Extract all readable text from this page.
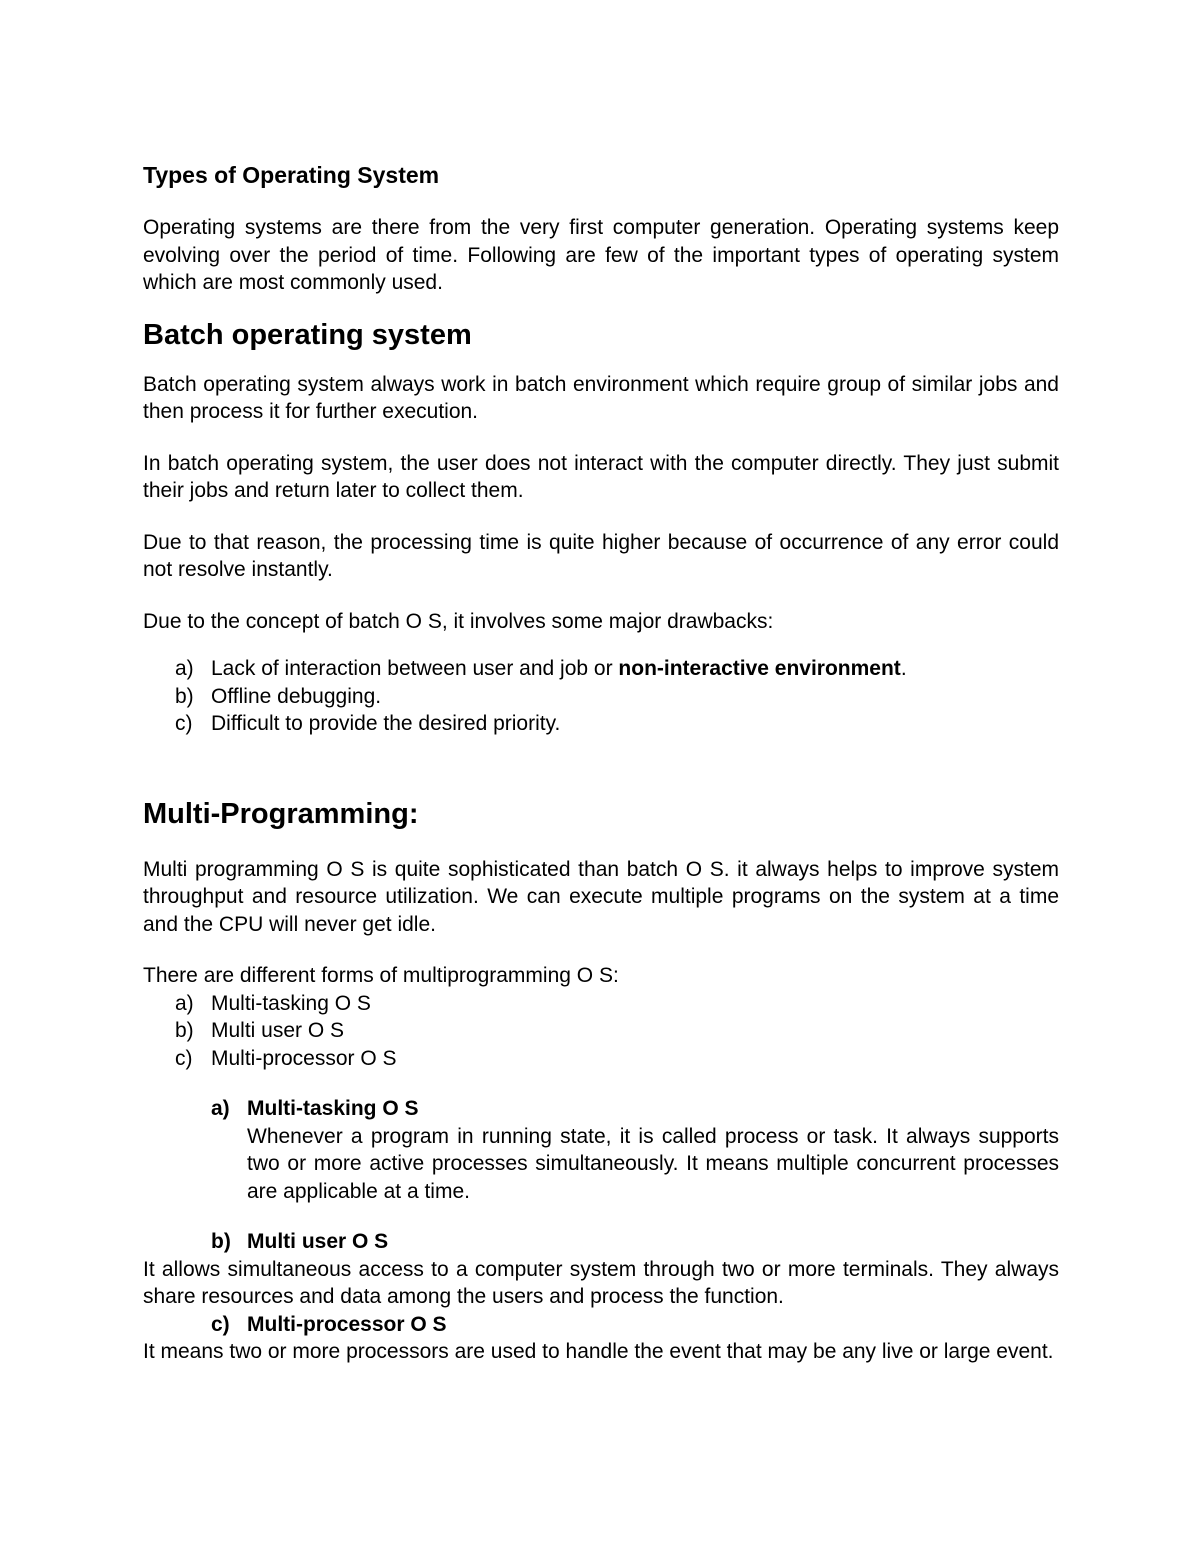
Types of Operating System

Operating systems are there from the very first computer generation. Operating systems keep evolving over the period of time. Following are few of the important types of operating system which are most commonly used.

Batch operating system

Batch operating system always work in batch environment which require group of similar jobs and then process it for further execution.

In batch operating system, the user does not interact with the computer directly. They just submit their jobs and return later to collect them.

Due to that reason, the processing time is quite higher because of occurrence of any error could not resolve instantly.

Due to the concept of batch O S, it involves some major drawbacks:

a) Lack of interaction between user and job or non-interactive environment.
b) Offline debugging.
c) Difficult to provide the desired priority.
Multi-Programming:

Multi programming O S is quite sophisticated than batch O S. it always helps to improve system throughput and resource utilization. We can execute multiple programs on the system at a time and the CPU will never get idle.

There are different forms of multiprogramming O S:

a) Multi-tasking O S
b) Multi user O S
c) Multi-processor O S
a) Multi-tasking O S

Whenever a program in running state, it is called process or task. It always supports two or more active processes simultaneously. It means multiple concurrent processes are applicable at a time.

b) Multi user O S

It allows simultaneous access to a computer system through two or more terminals. They always share resources and data among the users and process the function.

c) Multi-processor O S

It means two or more processors are used to handle the event that may be any live or large event.
